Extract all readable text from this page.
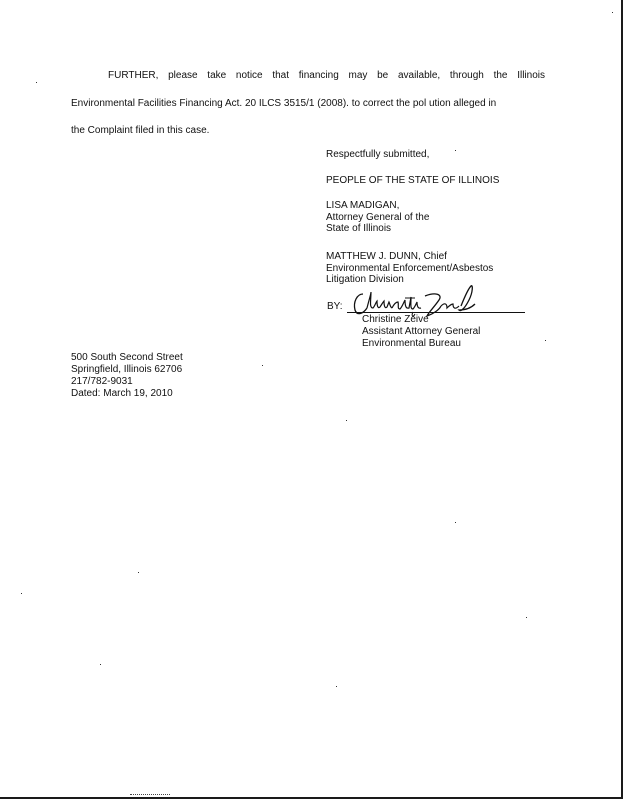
FURTHER, please take notice that financing may be available, through the Illinois
Environmental Facilities Financing Act. 20 ILCS 3515/1 (2008). to correct the pol ution alleged in
the Complaint filed in this case.
Respectfully submitted,
PEOPLE OF THE STATE OF ILLINOIS
LISA MADIGAN,
Attorney General of the
State of Illinois
MATTHEW J. DUNN, Chief
Environmental Enforcement/Asbestos
Litigation Division
BY:
Christine Zeive
Assistant Attorney General
Environmental Bureau
500 South Second Street
Springfield, Illinois 62706
217/782-9031
Dated: March 19, 2010
